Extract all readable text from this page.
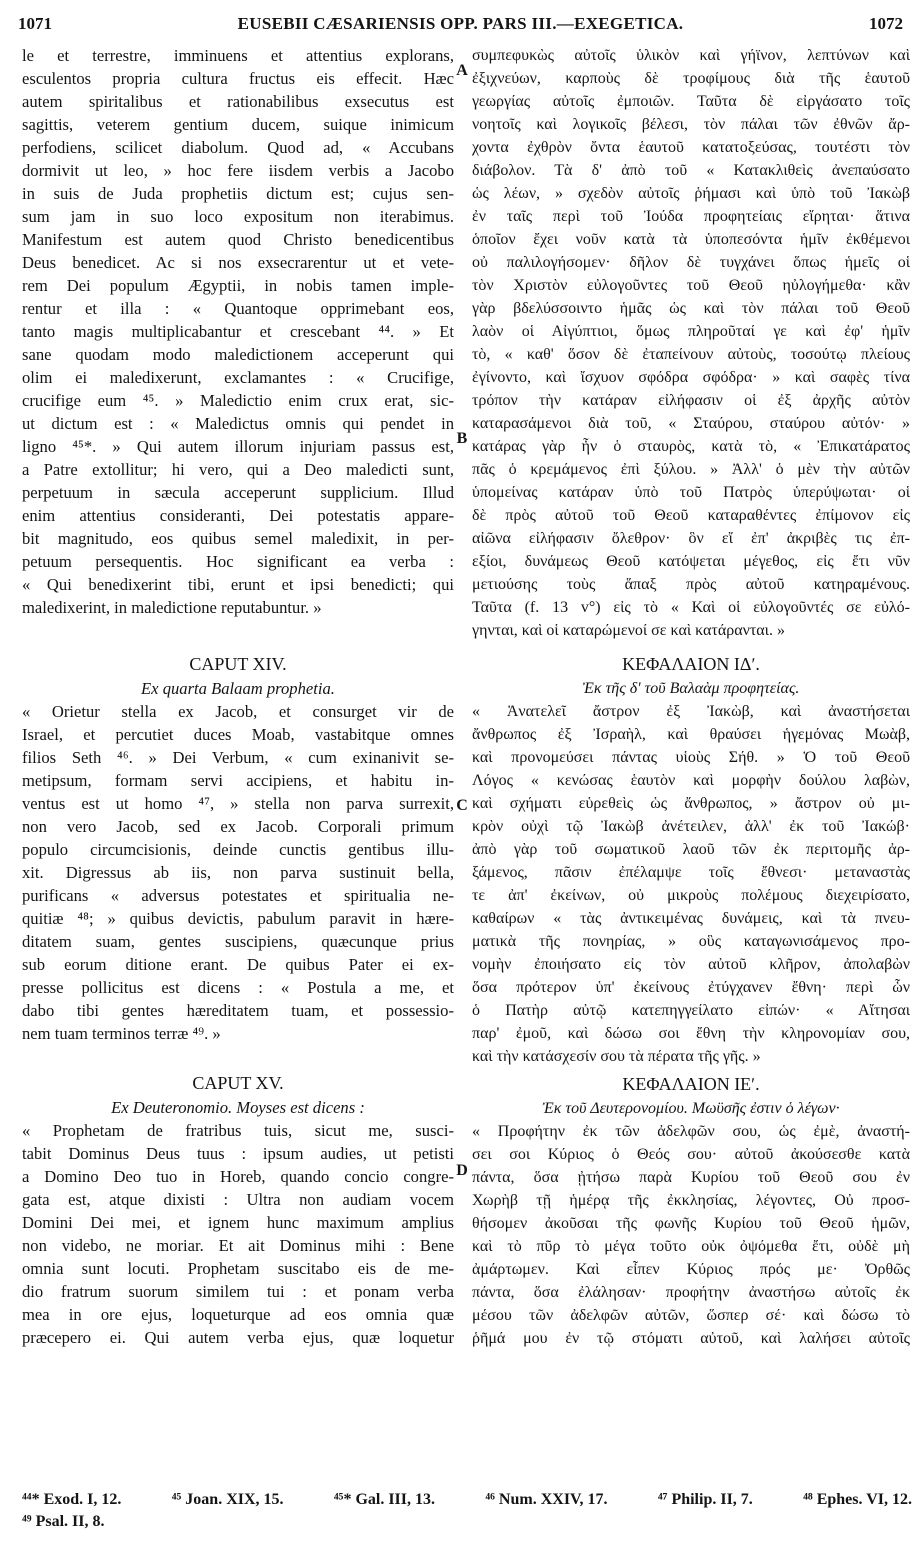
1071	EUSEBII CÆSARIENSIS OPP. PARS III.—EXEGETICA.	1072
A
B
C
D
le et terrestre, imminuens et attentius explorans,
esculentos propria cultura fructus eis effecit. Hæc
autem spiritalibus et rationabilibus exsecutus est
sagittis, veterem gentium ducem, suique inimicum
perfodiens, scilicet diabolum. Quod ad, « Accubans
dormivit ut leo, » hoc fere iisdem verbis a Jacobo
in suis de Juda prophetiis dictum est; cujus sen-
sum jam in suo loco expositum non iterabimus.
Manifestum est autem quod Christo benedicentibus
Deus benedicet. Ac si nos exsecrarentur ut et vete-
rem Dei populum Ægyptii, in nobis tamen imple-
rentur et illa : « Quantoque opprimebant eos,
tanto magis multiplicabantur et crescebant ⁴⁴. » Et
sane quodam modo maledictionem acceperunt qui
olim ei maledixerunt, exclamantes : « Crucifige,
crucifige eum ⁴⁵. » Maledictio enim crux erat, sic-
ut dictum est : « Maledictus omnis qui pendet in
ligno ⁴⁵*. » Qui autem illorum injuriam passus est,
a Patre extollitur; hi vero, qui a Deo maledicti sunt,
perpetuum in sæcula acceperunt supplicium. Illud
enim attentius consideranti, Dei potestatis appare-
bit magnitudo, eos quibus semel maledixit, in per-
petuum persequentis. Hoc significant ea verba :
« Qui benedixerint tibi, erunt et ipsi benedicti; qui
maledixerint, in maledictione reputabuntur. »
CAPUT XIV.
Ex quarta Balaam prophetia.
« Orietur stella ex Jacob, et consurget vir de
Israel, et percutiet duces Moab, vastabitque omnes
filios Seth ⁴⁶. » Dei Verbum, « cum exinanivit se-
metipsum, formam servi accipiens, et habitu in-
ventus est ut homo ⁴⁷, » stella non parva surrexit,
non vero Jacob, sed ex Jacob. Corporali primum
populo circumcisionis, deinde cunctis gentibus illu-
xit. Digressus ab iis, non parva sustinuit bella,
purificans « adversus potestates et spiritualia ne-
quitiæ ⁴⁸; » quibus devictis, pabulum paravit in hære-
ditatem suam, gentes suscipiens, quæcunque prius
sub eorum ditione erant. De quibus Pater ei ex-
presse pollicitus est dicens : « Postula a me, et
dabo tibi gentes hæreditatem tuam, et possessio-
nem tuam terminos terræ ⁴⁹. »
CAPUT XV.
Ex Deuteronomio. Moyses est dicens :
« Prophetam de fratribus tuis, sicut me, susci-
tabit Dominus Deus tuus : ipsum audies, ut petisti
a Domino Deo tuo in Horeb, quando concio congre-
gata est, atque dixisti : Ultra non audiam vocem
Domini Dei mei, et ignem hunc maximum amplius
non videbo, ne moriar. Et ait Dominus mihi : Bene
omnia sunt locuti. Prophetam suscitabo eis de me-
dio fratrum suorum similem tui : et ponam verba
mea in ore ejus, loqueturque ad eos omnia quæ
præcepero ei. Qui autem verba ejus, quæ loquetur
συμπεφυκὼς αὐτοῖς ὑλικὸν καὶ γήϊνον, λεπτύνων καὶ
ἐξιχνεύων, καρποὺς δὲ τροφίμους διὰ τῆς ἑαυτοῦ
γεωργίας αὐτοῖς ἐμποιῶν. Ταῦτα δὲ εἰργάσατο τοῖς
νοητοῖς καὶ λογικοῖς βέλεσι, τὸν πάλαι τῶν ἐθνῶν ἄρ-
χοντα ἐχθρὸν ὄντα ἑαυτοῦ κατατοξεύσας, τουτέστι τὸν
διάβολον. Τὰ δ' ἀπὸ τοῦ « Κατακλιθεὶς ἀνεπαύσατο
ὡς λέων, » σχεδὸν αὐτοῖς ῥήμασι καὶ ὑπὸ τοῦ Ἰακὼβ
ἐν ταῖς περὶ τοῦ Ἰούδα προφητείαις εἴρηται· ἅτινα
ὁποῖον ἔχει νοῦν κατὰ τὰ ὑποπεσόντα ἡμῖν ἐκθέμενοι
οὐ παλιλογήσομεν· δῆλον δὲ τυγχάνει ὅπως ἡμεῖς οἱ
τὸν Χριστὸν εὐλογοῦντες τοῦ Θεοῦ ηὐλογήμεθα· κἂν
γὰρ βδελύσσοιντο ἡμᾶς ὡς καὶ τὸν πάλαι τοῦ Θεοῦ
λαὸν οἱ Αἰγύπτιοι, ὅμως πληροῦταί γε καὶ ἐφ' ἡμῖν
τὸ, « καθ' ὅσον δὲ ἐταπείνουν αὐτοὺς, τοσούτῳ πλείους
ἐγίνοντο, καὶ ἴσχυον σφόδρα σφόδρα· » καὶ σαφὲς τίνα
τρόπον τὴν κατάραν εἰλήφασιν οἱ ἐξ ἀρχῆς αὐτὸν
καταρασάμενοι διὰ τοῦ, « Σταύρου, σταύρου αὐτόν· »
κατάρας γὰρ ἦν ὁ σταυρὸς, κατὰ τὸ, « Ἐπικατάρατος
πᾶς ὁ κρεμάμενος ἐπὶ ξύλου. » Ἀλλ' ὁ μὲν τὴν αὐτῶν
ὑπομείνας κατάραν ὑπὸ τοῦ Πατρὸς ὑπερύψωται· οἱ
δὲ πρὸς αὐτοῦ τοῦ Θεοῦ καταραθέντες ἐπίμονον εἰς
αἰῶνα εἰλήφασιν ὄλεθρον· ὃν εἴ ἐπ' ἀκριβὲς τις ἐπ-
εξίοι, δυνάμεως Θεοῦ κατόψεται μέγεθος, εἰς ἔτι νῦν
μετιούσης τοὺς ἅπαξ πρὸς αὐτοῦ κατηραμένους.
Ταῦτα (f. 13 v°) εἰς τὸ « Καὶ οἱ εὐλογοῦντές σε εὐλό-
γηνται, καὶ οἱ καταρώμενοί σε καὶ κατάρανται. »
ΚΕΦΑΛΑΙΟΝ ΙΔʹ.
Ἐκ τῆς δ' τοῦ Βαλαὰμ προφητείας.
« Ἀνατελεῖ ἄστρον ἐξ Ἰακὼβ, καὶ ἀναστήσεται
ἄνθρωπος ἐξ Ἰσραὴλ, καὶ θραύσει ἡγεμόνας Μωὰβ,
καὶ προνομεύσει πάντας υἱοὺς Σήθ. » Ὁ τοῦ Θεοῦ
Λόγος « κενώσας ἑαυτὸν καὶ μορφὴν δούλου λαβὼν,
καὶ σχήματι εὑρεθεὶς ὡς ἄνθρωπος, » ἄστρον οὐ μι-
κρὸν οὐχὶ τῷ Ἰακὼβ ἀνέτειλεν, ἀλλ' ἐκ τοῦ Ἰακώβ·
ἀπὸ γὰρ τοῦ σωματικοῦ λαοῦ τῶν ἐκ περιτομῆς ἀρ-
ξάμενος, πᾶσιν ἐπέλαμψε τοῖς ἔθνεσι· μεταναστὰς
τε ἀπ' ἐκείνων, οὐ μικροὺς πολέμους διεχειρίσατο,
καθαίρων « τὰς ἀντικειμένας δυνάμεις, καὶ τὰ πνευ-
ματικὰ τῆς πονηρίας, » οὓς καταγωνισάμενος προ-
νομὴν ἐποιήσατο εἰς τὸν αὐτοῦ κλῆρον, ἀπολαβὼν
ὅσα πρότερον ὑπ' ἐκείνους ἐτύγχανεν ἔθνη· περὶ ὧν
ὁ Πατὴρ αὐτῷ κατεπηγγείλατο εἰπών· « Αἴτησαι
παρ' ἐμοῦ, καὶ δώσω σοι ἔθνη τὴν κληρονομίαν σου,
καὶ τὴν κατάσχεσίν σου τὰ πέρατα τῆς γῆς. »
ΚΕΦΑΛΑΙΟΝ ΙΕʹ.
Ἐκ τοῦ Δευτερονομίου. Μωϋσῆς ἐστιν ὁ λέγων·
« Προφήτην ἐκ τῶν ἀδελφῶν σου, ὡς ἐμὲ, ἀναστή-
σει σοι Κύριος ὁ Θεός σου· αὐτοῦ ἀκούσεσθε κατὰ
πάντα, ὅσα ᾐτήσω παρὰ Κυρίου τοῦ Θεοῦ σου ἐν
Χωρὴβ τῇ ἡμέρᾳ τῆς ἐκκλησίας, λέγοντες, Οὐ προσ-
θήσομεν ἀκοῦσαι τῆς φωνῆς Κυρίου τοῦ Θεοῦ ἡμῶν,
καὶ τὸ πῦρ τὸ μέγα τοῦτο οὐκ ὀψόμεθα ἔτι, οὐδὲ μὴ
ἀμάρτωμεν. Καὶ εἶπεν Κύριος πρός με· Ὀρθῶς
πάντα, ὅσα ἐλάλησαν· προφήτην ἀναστήσω αὐτοῖς ἐκ
μέσου τῶν ἀδελφῶν αὐτῶν, ὥσπερ σέ· καὶ δώσω τὸ
ῥῆμά μου ἐν τῷ στόματι αὐτοῦ, καὶ λαλήσει αὐτοῖς
⁴⁴* Exod. I, 12.	⁴⁵ Joan. XIX, 15.	⁴⁵* Gal. III, 13.	⁴⁶ Num. XXIV, 17.	⁴⁷ Philip. II, 7.	⁴⁸ Ephes. VI, 12.
⁴⁹ Psal. II, 8.
